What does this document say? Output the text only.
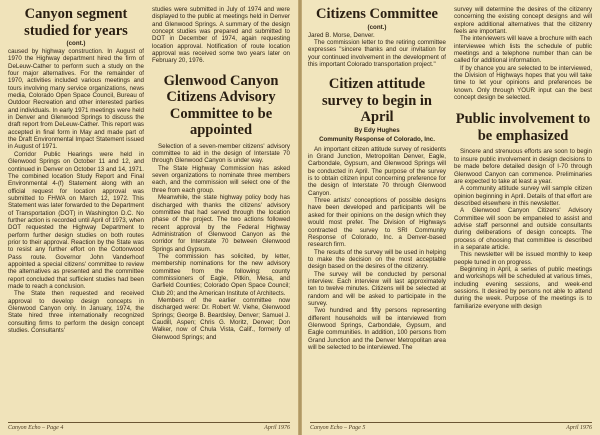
Canyon segment studied for years
(cont.)

caused by highway construction. In August of 1970 the Highway department hired the firm of DeLeuw-Cather to perform such a study on the four major alternatives. For the remainder of 1970, activities included various meetings and tours involving many service organizations, news media, Colorado Open Space Council, Bureau of Outdoor Recreation and other interested parties and individuals. In early 1971 meetings were held in Denver and Glenwood Springs to discuss the draft report from DeLeuw-Cather. This report was accepted in final form in May and made part of the Draft Environmental Impact Statement issued in August of 1971.

Corridor Public Hearings were held in Glenwood Springs on October 11 and 12, and continued in Denver on October 13 and 14, 1971. The combined location Study Report and Final Environmental 4-(f) Statement along with an official request for location approval was submitted to FHWA on March 12, 1972. This Statement was later forwarded to the Department of Transportation (DOT) in Washington D.C. No further action is recorded until April of 1973, when DOT requested the Highway Department to perform further design studies on both routes prior to their approval. Reaction by the State was to resist any further effort on the Cottonwood Pass route. Governor John Vanderhoof appointed a special citizens' committee to review the alternatives as presented and the committee report concluded that sufficient studies had been made to reach a conclusion.

The State then requested and received approval to develop design concepts in Glenwood Canyon only. In January, 1974, the State hired three internationally recognized consulting firms to perform the design concept studies. Consultants'

studies were submitted in July of 1974 and were displayed to the public at meetings held in Denver and Glenwood Springs. A summary of the design concept studies was prepared and submitted to DOT in December of 1974, again requesting location approval. Notification of route location approval was received some two years later on February 20, 1976.

Glenwood Canyon Citizens Advisory Committee to be appointed

Selection of a seven-member citizens' advisory committee to aid in the design of Interstate 70 through Glenwood Canyon is under way.

The State Highway Commission has asked seven organizations to nominate three members each, and the commission will select one of the three from each group.

Meanwhile, the state highway policy body has discharged with thanks the citizens' advisory committee that had served through the location phase of the project. The two actions followed recent approval by the Federal Highway Administration of Glenwood Canyon as the corridor for Interstate 70 between Glenwood Springs and Gypsum.

The commission has solicited, by letter, membership nominations for the new advisory committee from the following: county commissioners of Eagle, Pitkin, Mesa, and Garfield Counties; Colorado Open Space Council; Club 20; and the American Institute of Architects.

Members of the earlier committee now discharged were: Dr. Robert W. Viehe, Glenwood Springs; George B. Beardsley, Denver; Samuel J. Caudill, Aspen; Chris G. Moritz, Denver; Don Walker, now of Chula Vista, Calif., formerly of Glenwood Springs; and

Canyon Echo – Page 4	April 1976
Citizens Committee
(cont.)

Jared B. Morse, Denver.

The commission letter to the retiring committee expresses "sincere thanks and our invitation for your continued involvement in the development of this important Colorado transportation project."

Citizen attitude survey to begin in April
By Edy Hughes
Community Response of Colorado, Inc.

An important citizen attitude survey of residents in Grand Junction, Metropolitan Denver, Eagle, Carbondale, Gypsum, and Glenwood Springs will be conducted in April. The purpose of the survey is to obtain citizen input concerning preference for the design of Interstate 70 through Glenwood Canyon.

Three artists' conceptions of possible designs have been developed and participants will be asked for their opinions on the design which they would most prefer. The Division of Highways contracted the survey to SRI Community Response of Colorado, Inc. a Denver-based research firm.

The results of the survey will be used in helping to make the decision on the most acceptable design based on the desires of the citizenry.

The survey will be conducted by personal interview. Each interview will last approximately ten to twelve minutes. Citizens will be selected at random and will be asked to participate in the survey.

Two hundred and fifty persons representing different households will be interviewed from Glenwood Springs, Carbondale, Gypsum, and Eagle communities. In addition, 100 persons from Grand Junction and the Denver Metropolitan area will be selected to be interviewed. The

survey will determine the desires of the citizenry concerning the existing concept designs and will explore additional alternatives that the citizenry feels are important.

The interviewers will leave a brochure with each interviewee which lists the schedule of public meetings and a telephone number than can be called for additional information.

If by chance you are selected to be interviewed, the Division of Highways hopes that you will take time to let your opinions and preferences be known. Only through YOUR input can the best concept design be selected.

Public involvement to be emphasized

Sincere and strenuous efforts are soon to begin to insure public involvement in design decisions to be made before detailed design of I-70 through Glenwood Canyon can commence. Preliminaries are expected to take at least a year.

A community attitude survey will sample citizen opinion beginning in April. Details of that effort are described elsewhere in this newsletter.

A Glenwood Canyon Citizens' Advisory Committee will soon be empaneled to assist and advise staff personnel and outside consultants during deliberations of design concepts. The process of choosing that committee is described in a separate article.

This newsletter will be issued monthly to keep people tuned in on progress.

Beginning in April, a series of public meetings and workshops will be scheduled at various times, including evening sessions, and week-end sessions. It desired by persons not able to attend during the week. Purpose of the meetings is to familiarize everyone with design

Canyon Echo – Page 5	April 1976
